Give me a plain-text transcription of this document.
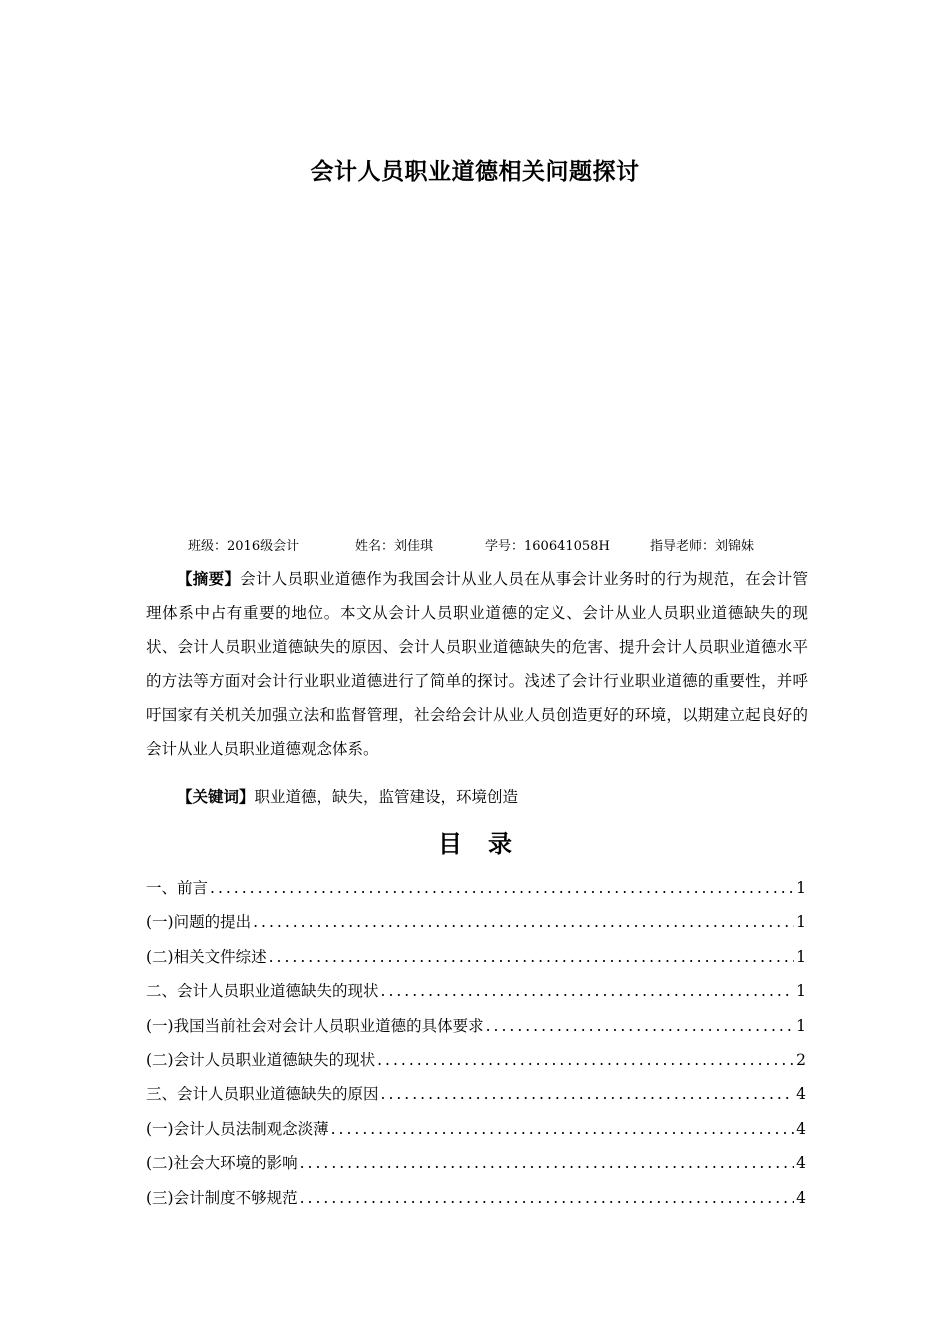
会计人员职业道德相关问题探讨
班级：2016级会计	姓名：刘佳琪	学号：160641058H	指导老师：刘锦妹
【摘要】会计人员职业道德作为我国会计从业人员在从事会计业务时的行为规范，在会计管理体系中占有重要的地位。本文从会计人员职业道德的定义、会计从业人员职业道德缺失的现状、会计人员职业道德缺失的原因、会计人员职业道德缺失的危害、提升会计人员职业道德水平的方法等方面对会计行业职业道德进行了简单的探讨。浅述了会计行业职业道德的重要性，并呼吁国家有关机关加强立法和监督管理，社会给会计从业人员创造更好的环境，以期建立起良好的会计从业人员职业道德观念体系。
【关键词】职业道德，缺失，监管建设，环境创造
目录
一、前言 .....	1
(一)问题的提出 .....	1
(二)相关文件综述 .....	1
二、会计人员职业道德缺失的现状 .....	1
(一)我国当前社会对会计人员职业道德的具体要求 .....	1
(二)会计人员职业道德缺失的现状 .....	2
三、会计人员职业道德缺失的原因 .....	4
(一)会计人员法制观念淡薄 .....	4
(二)社会大环境的影响 .....	4
(三)会计制度不够规范 .....	4
